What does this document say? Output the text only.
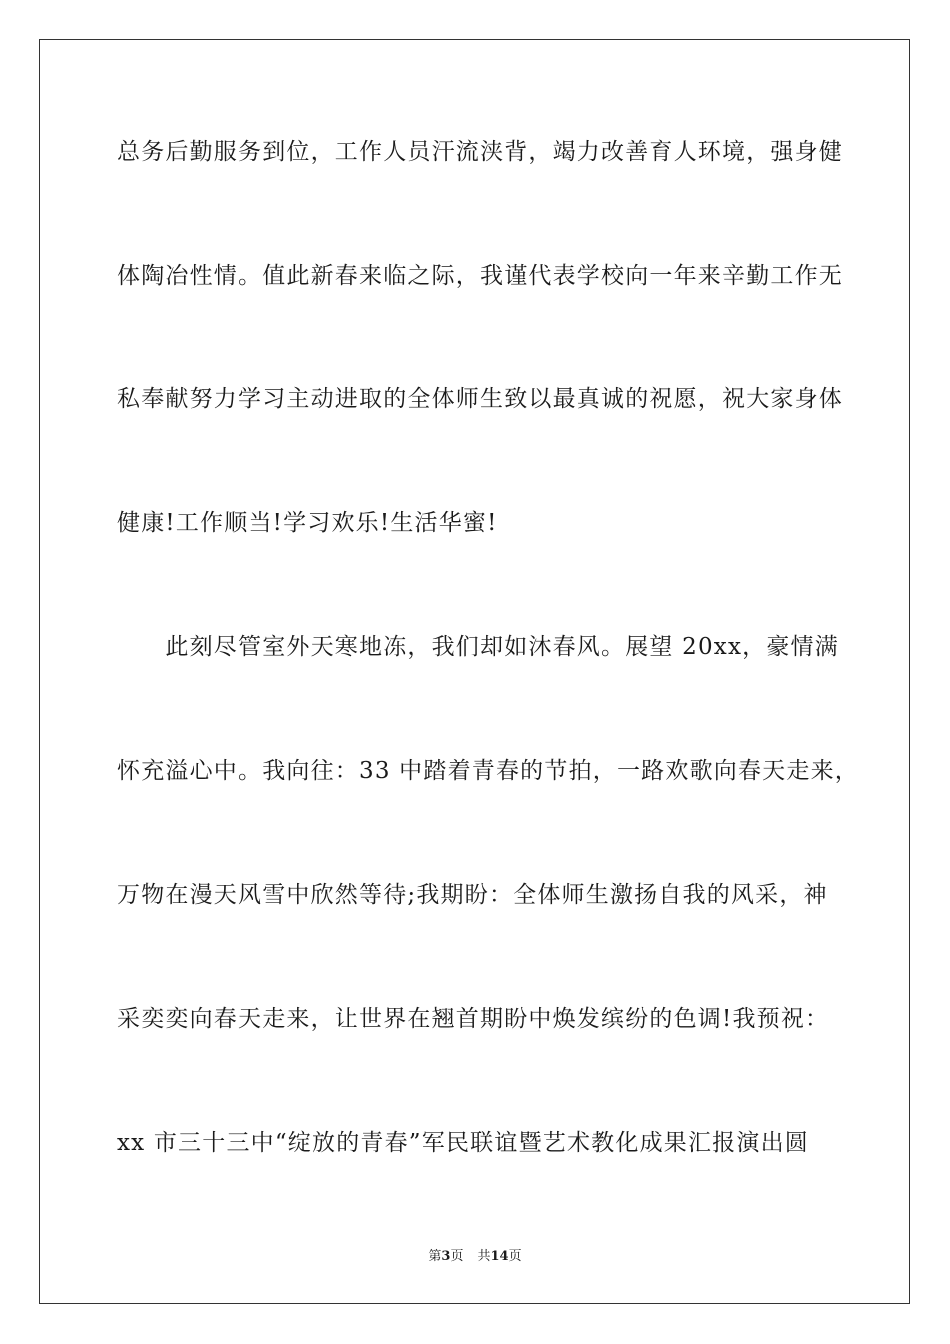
总务后勤服务到位，工作人员汗流浃背，竭力改善育人环境，强身健
体陶冶性情。值此新春来临之际，我谨代表学校向一年来辛勤工作无
私奉献努力学习主动进取的全体师生致以最真诚的祝愿，祝大家身体
健康!工作顺当!学习欢乐!生活华蜜!
　　此刻尽管室外天寒地冻，我们却如沐春风。展望 20xx，豪情满
怀充溢心中。我向往：33 中踏着青春的节拍，一路欢歌向春天走来，
万物在漫天风雪中欣然等待;我期盼：全体师生激扬自我的风采，神
采奕奕向春天走来，让世界在翘首期盼中焕发缤纷的色调!我预祝：
xx 市三十三中“绽放的青春”军民联谊暨艺术教化成果汇报演出圆
第3页 共14页
